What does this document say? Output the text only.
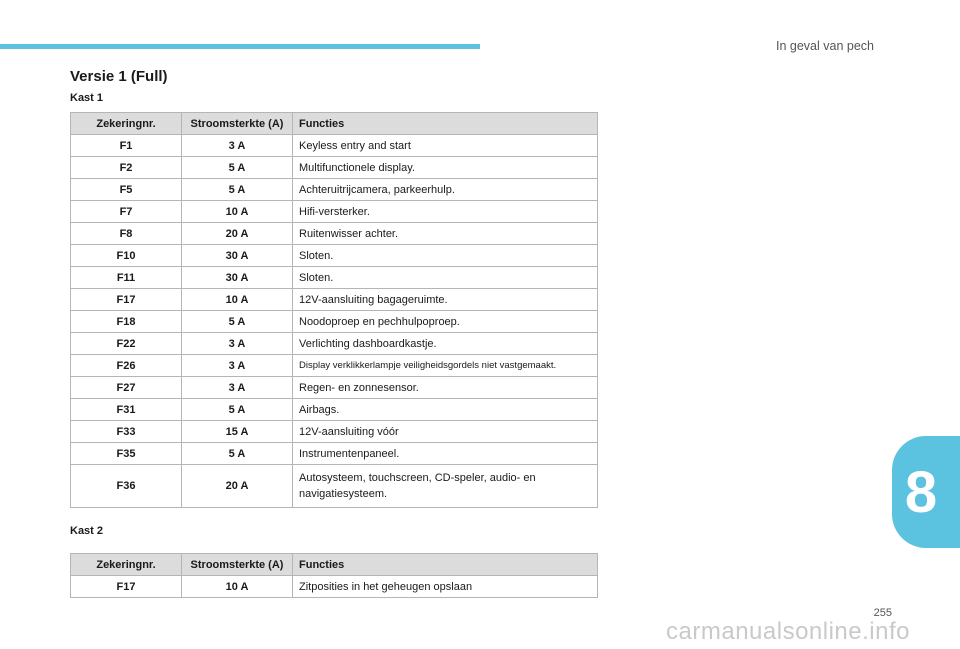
In geval van pech
Versie 1 (Full)
Kast 1
Zekeringnr.	Stroomsterkte (A)	Functies
F1	3 A	Keyless entry and start
F2	5 A	Multifunctionele display.
F5	5 A	Achteruitrijcamera, parkeerhulp.
F7	10 A	Hifi-versterker.
F8	20 A	Ruitenwisser achter.
F10	30 A	Sloten.
F11	30 A	Sloten.
F17	10 A	12V-aansluiting bagageruimte.
F18	5 A	Noodoproep en pechhulpoproep.
F22	3 A	Verlichting dashboardkastje.
F26	3 A	Display verklikkerlampje veiligheidsgordels niet vastgemaakt.
F27	3 A	Regen- en zonnesensor.
F31	5 A	Airbags.
F33	15 A	12V-aansluiting vóór
F35	5 A	Instrumentenpaneel.
F36	20 A	Autosysteem, touchscreen, CD-speler, audio- en navigatiesysteem.
Kast 2
Zekeringnr.	Stroomsterkte (A)	Functies
F17	10 A	Zitposities in het geheugen opslaan
8
255
carmanualsonline.info
